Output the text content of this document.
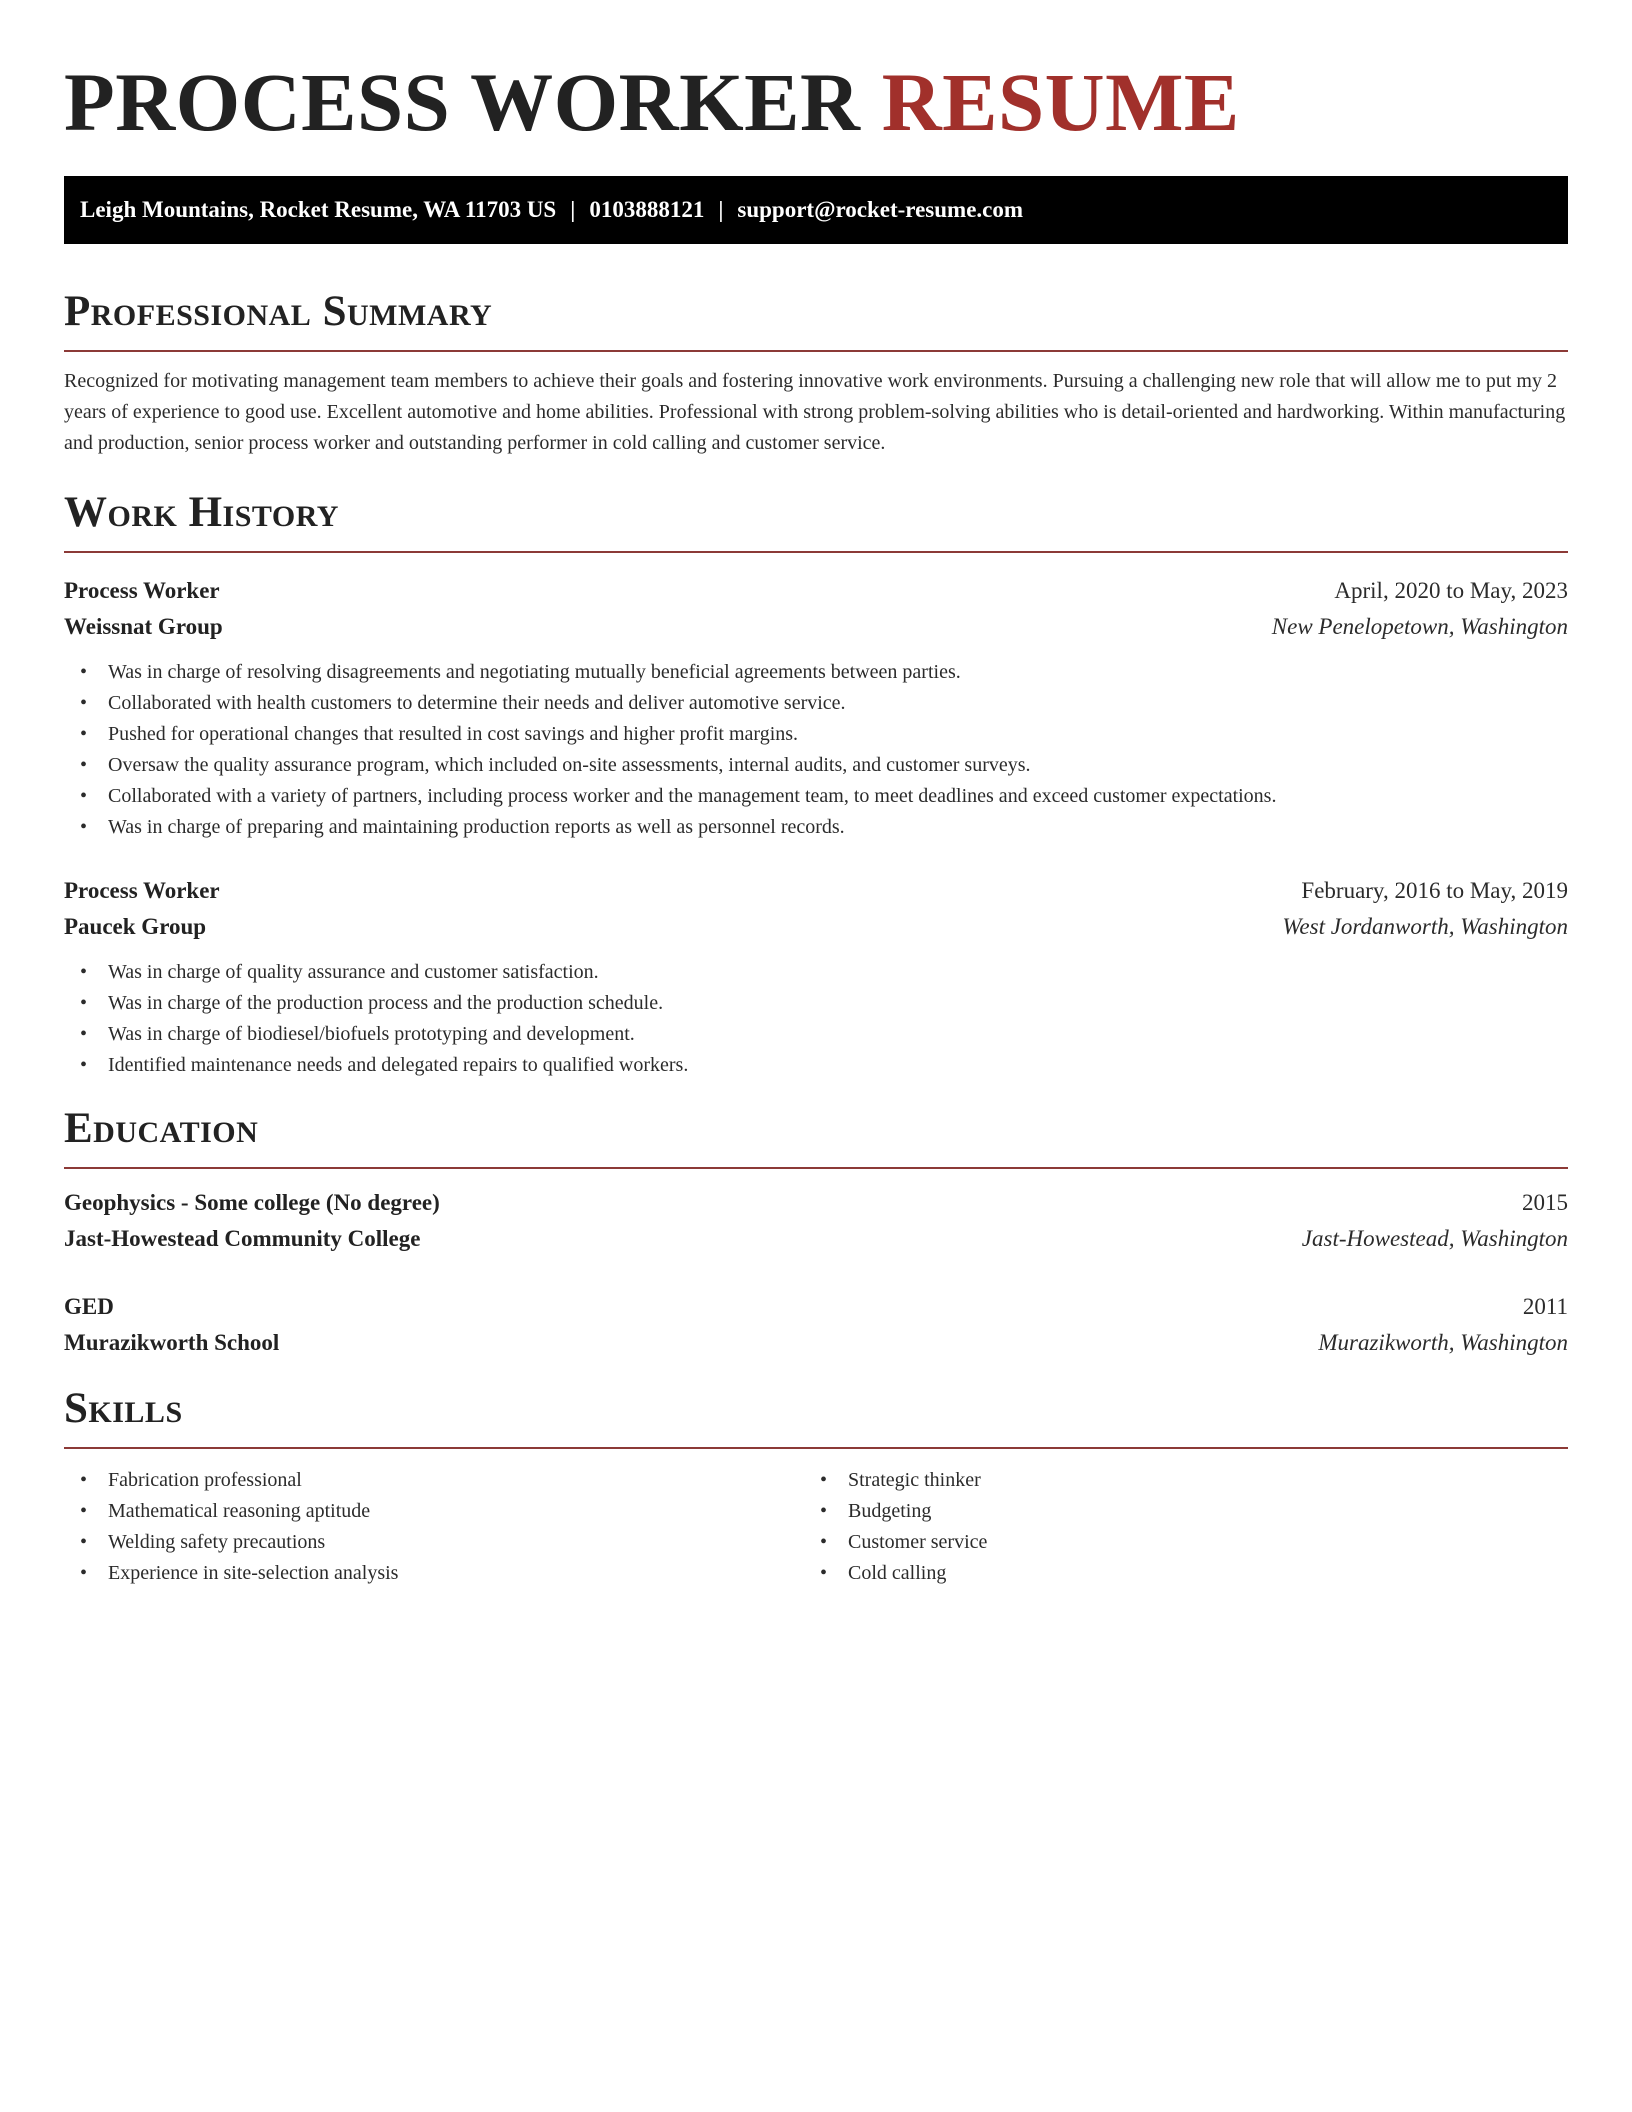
PROCESS WORKER RESUME
Leigh Mountains, Rocket Resume, WA 11703 US | 0103888121 | support@rocket-resume.com
Professional Summary

Recognized for motivating management team members to achieve their goals and fostering innovative work environments. Pursuing a challenging new role that will allow me to put my 2 years of experience to good use. Excellent automotive and home abilities. Professional with strong problem-solving abilities who is detail-oriented and hardworking. Within manufacturing and production, senior process worker and outstanding performer in cold calling and customer service.

Work History
Process Worker	April, 2020 to May, 2023
Weissnat Group	New Penelopetown, Washington
• Was in charge of resolving disagreements and negotiating mutually beneficial agreements between parties.
• Collaborated with health customers to determine their needs and deliver automotive service.
• Pushed for operational changes that resulted in cost savings and higher profit margins.
• Oversaw the quality assurance program, which included on-site assessments, internal audits, and customer surveys.
• Collaborated with a variety of partners, including process worker and the management team, to meet deadlines and exceed customer expectations.
• Was in charge of preparing and maintaining production reports as well as personnel records.
Process Worker	February, 2016 to May, 2019
Paucek Group	West Jordanworth, Washington
• Was in charge of quality assurance and customer satisfaction.
• Was in charge of the production process and the production schedule.
• Was in charge of biodiesel/biofuels prototyping and development.
• Identified maintenance needs and delegated repairs to qualified workers.
Education
Geophysics - Some college (No degree)	2015
Jast-Howestead Community College	Jast-Howestead, Washington
GED	2011
Murazikworth School	Murazikworth, Washington
Skills
• Fabrication professional
• Mathematical reasoning aptitude
• Welding safety precautions
• Experience in site-selection analysis
• Strategic thinker
• Budgeting
• Customer service
• Cold calling
